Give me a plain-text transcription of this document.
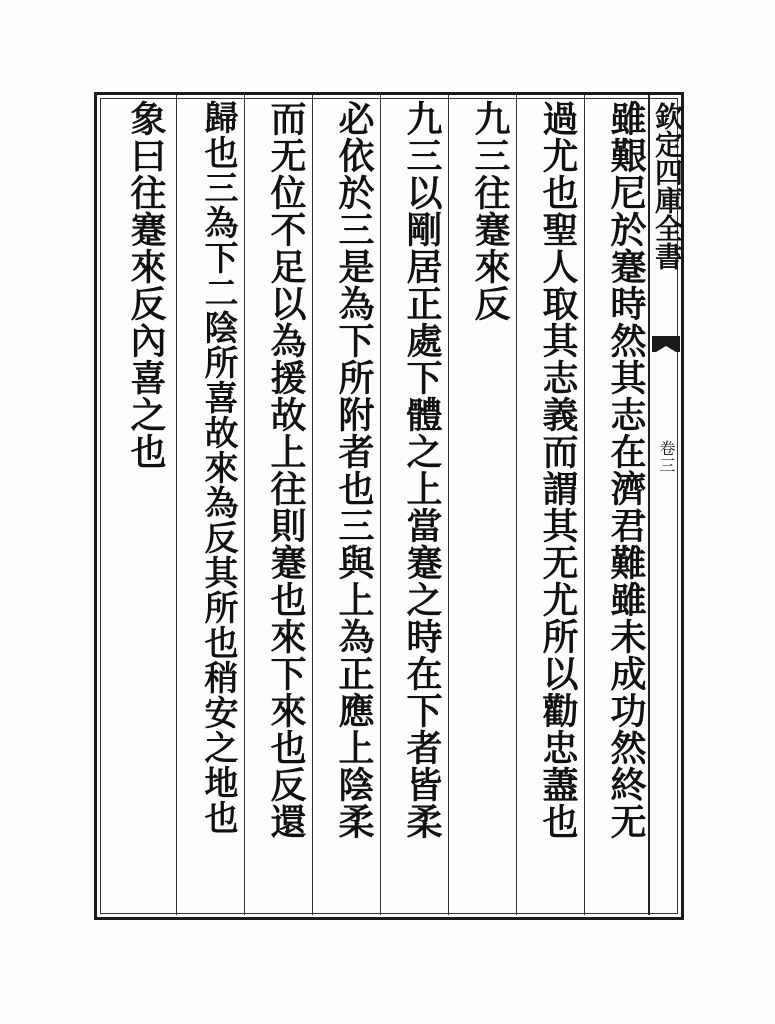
欽定四庫全書
卷三
雖艱尼於蹇時然其志在濟君難雖未成功然終无
過尤也聖人取其志義而謂其无尤所以勸忠藎也
九三往蹇來反
九三以剛居正處下體之上當蹇之時在下者皆柔
必依於三是為下所附者也三與上為正應上陰柔
而无位不足以為援故上往則蹇也來下來也反還
歸也三為下二陰所喜故來為反其所也稍安之地也
象曰往蹇來反內喜之也
